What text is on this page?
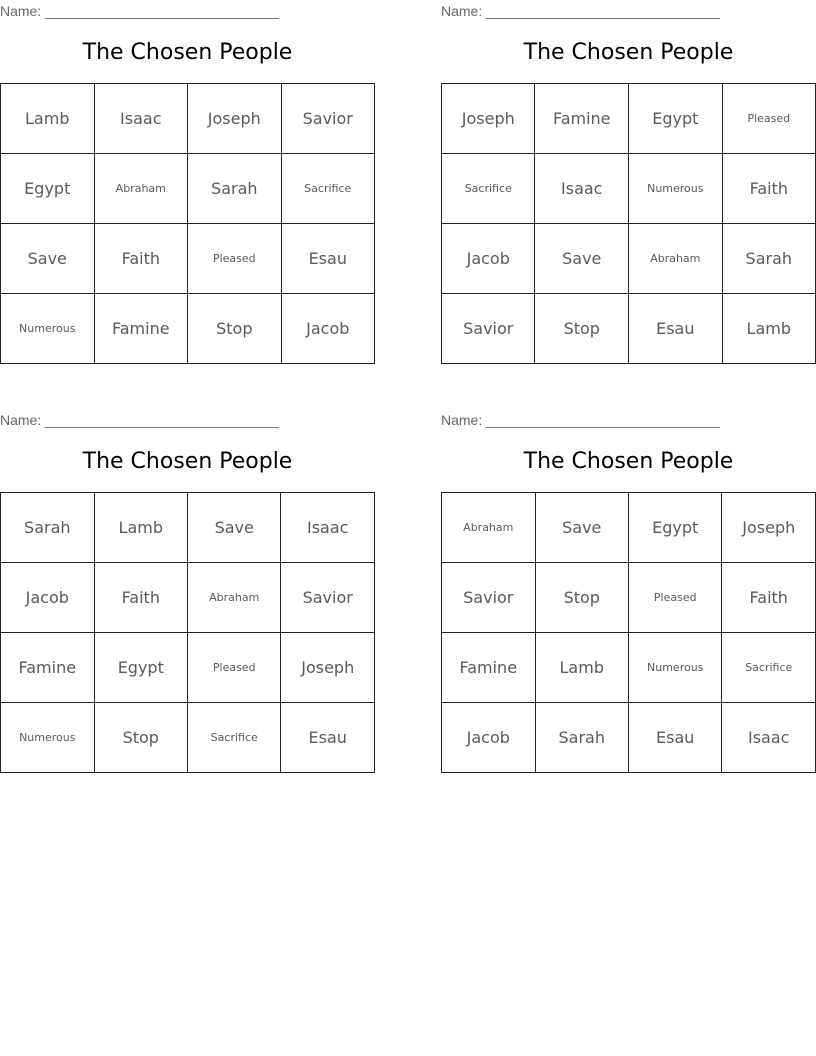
Name: ______________________________
The Chosen People
Lamb	Isaac	Joseph	Savior
Egypt	Abraham	Sarah	Sacrifice
Save	Faith	Pleased	Esau
Numerous	Famine	Stop	Jacob
Name: ______________________________
The Chosen People
Joseph	Famine	Egypt	Pleased
Sacrifice	Isaac	Numerous	Faith
Jacob	Save	Abraham	Sarah
Savior	Stop	Esau	Lamb
Name: ______________________________
The Chosen People
Sarah	Lamb	Save	Isaac
Jacob	Faith	Abraham	Savior
Famine	Egypt	Pleased	Joseph
Numerous	Stop	Sacrifice	Esau
Name: ______________________________
The Chosen People
Abraham	Save	Egypt	Joseph
Savior	Stop	Pleased	Faith
Famine	Lamb	Numerous	Sacrifice
Jacob	Sarah	Esau	Isaac
